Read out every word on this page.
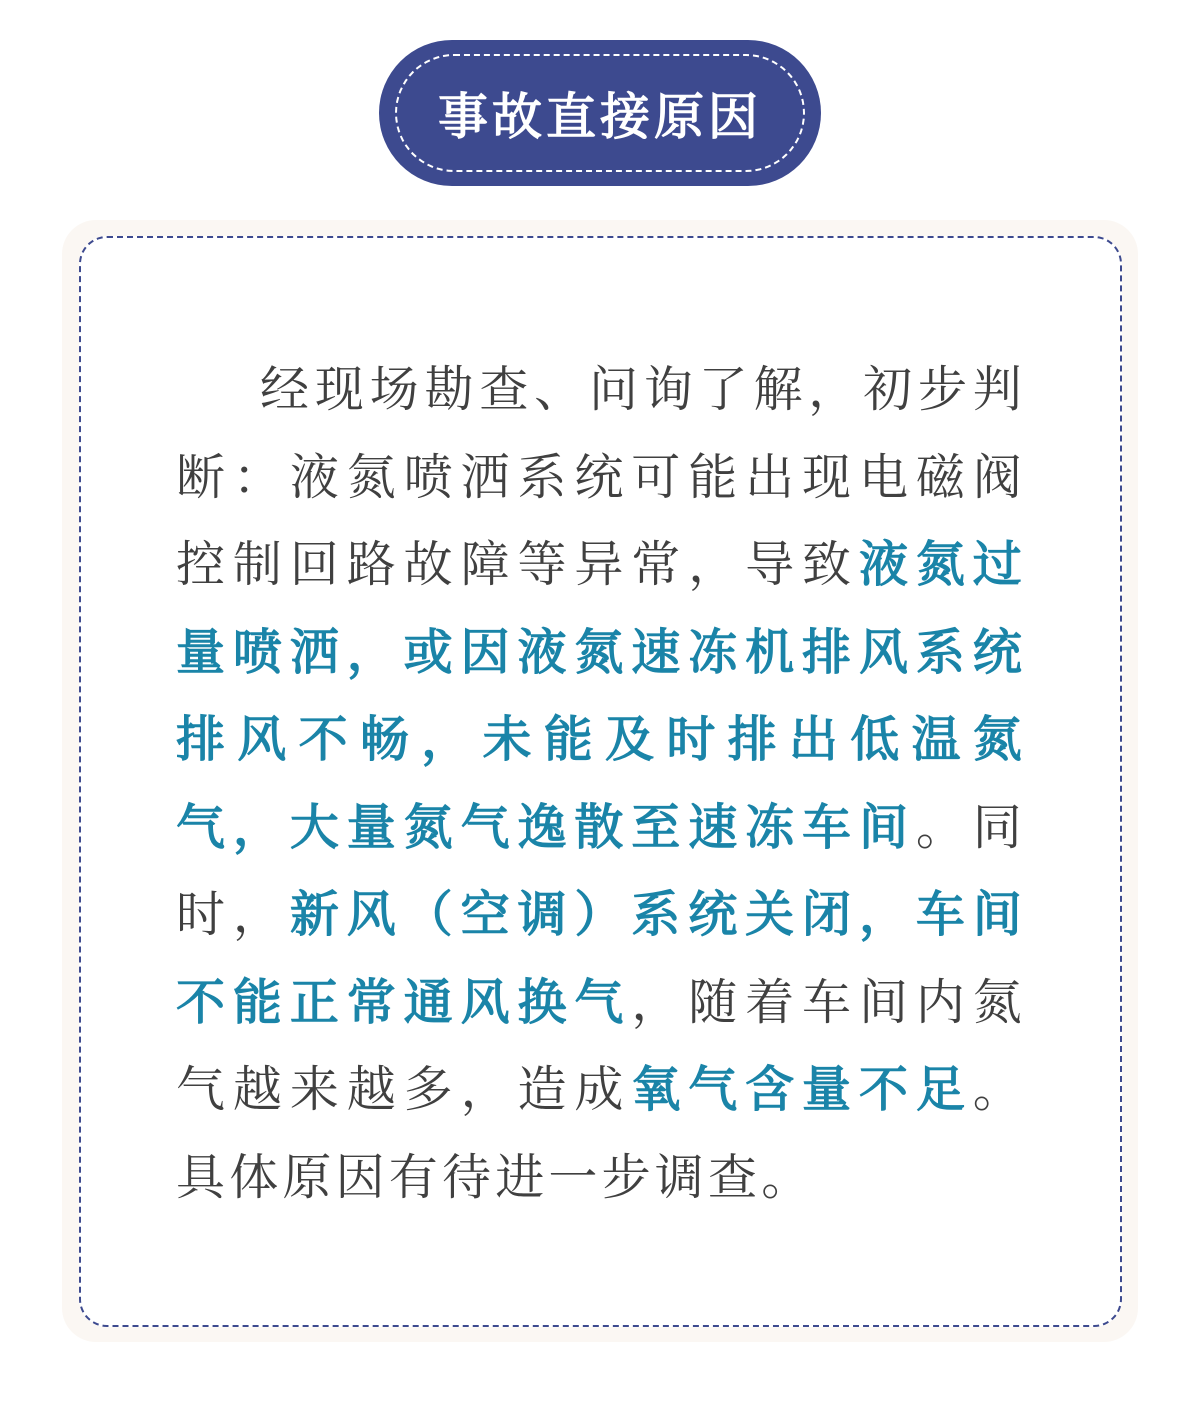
事故直接原因

经现场勘查、问询了解，初步判断：液氮喷洒系统可能出现电磁阀控制回路故障等异常，导致液氮过量喷洒，或因液氮速冻机排风系统排风不畅，未能及时排出低温氮气，大量氮气逸散至速冻车间。同时，新风（空调）系统关闭，车间不能正常通风换气，随着车间内氮气越来越多，造成氧气含量不足。具体原因有待进一步调查。
